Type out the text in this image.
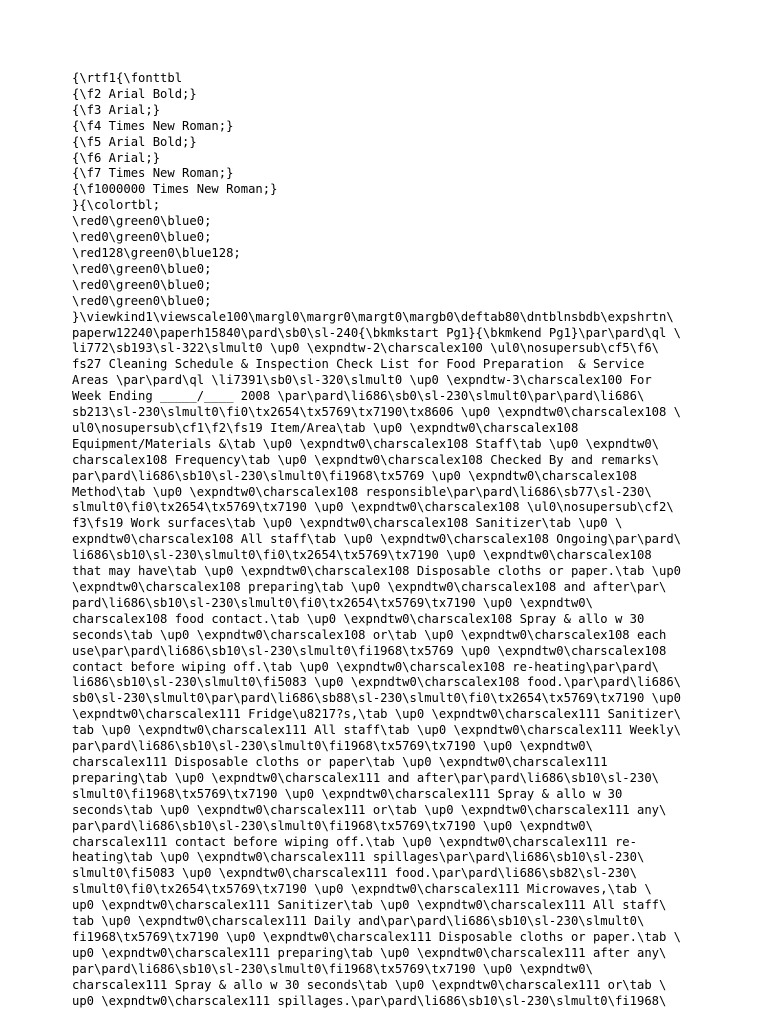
{\rtf1{\fonttbl
{\f2 Arial Bold;}
{\f3 Arial;}
{\f4 Times New Roman;}
{\f5 Arial Bold;}
{\f6 Arial;}
{\f7 Times New Roman;}
{\f1000000 Times New Roman;}
}{\colortbl;
\red0\green0\blue0;
\red0\green0\blue0;
\red128\green0\blue128;
\red0\green0\blue0;
\red0\green0\blue0;
\red0\green0\blue0;
}\viewkind1\viewscale100\margl0\margr0\margt0\margb0\deftab80\dntblnsbdb\expshrtn\
paperw12240\paperh15840\pard\sb0\sl-240{\bkmkstart Pg1}{\bkmkend Pg1}\par\pard\ql \
li772\sb193\sl-322\slmult0 \up0 \expndtw-2\charscalex100 \ul0\nosupersub\cf5\f6\
fs27 Cleaning Schedule & Inspection Check List for Food Preparation  & Service
Areas \par\pard\ql \li7391\sb0\sl-320\slmult0 \up0 \expndtw-3\charscalex100 For
Week Ending _____/____ 2008 \par\pard\li686\sb0\sl-230\slmult0\par\pard\li686\
sb213\sl-230\slmult0\fi0\tx2654\tx5769\tx7190\tx8606 \up0 \expndtw0\charscalex108 \
ul0\nosupersub\cf1\f2\fs19 Item/Area\tab \up0 \expndtw0\charscalex108
Equipment/Materials &\tab \up0 \expndtw0\charscalex108 Staff\tab \up0 \expndtw0\
charscalex108 Frequency\tab \up0 \expndtw0\charscalex108 Checked By and remarks\
par\pard\li686\sb10\sl-230\slmult0\fi1968\tx5769 \up0 \expndtw0\charscalex108
Method\tab \up0 \expndtw0\charscalex108 responsible\par\pard\li686\sb77\sl-230\
slmult0\fi0\tx2654\tx5769\tx7190 \up0 \expndtw0\charscalex108 \ul0\nosupersub\cf2\
f3\fs19 Work surfaces\tab \up0 \expndtw0\charscalex108 Sanitizer\tab \up0 \
expndtw0\charscalex108 All staff\tab \up0 \expndtw0\charscalex108 Ongoing\par\pard\
li686\sb10\sl-230\slmult0\fi0\tx2654\tx5769\tx7190 \up0 \expndtw0\charscalex108
that may have\tab \up0 \expndtw0\charscalex108 Disposable cloths or paper.\tab \up0
\expndtw0\charscalex108 preparing\tab \up0 \expndtw0\charscalex108 and after\par\
pard\li686\sb10\sl-230\slmult0\fi0\tx2654\tx5769\tx7190 \up0 \expndtw0\
charscalex108 food contact.\tab \up0 \expndtw0\charscalex108 Spray & allo w 30
seconds\tab \up0 \expndtw0\charscalex108 or\tab \up0 \expndtw0\charscalex108 each
use\par\pard\li686\sb10\sl-230\slmult0\fi1968\tx5769 \up0 \expndtw0\charscalex108
contact before wiping off.\tab \up0 \expndtw0\charscalex108 re-heating\par\pard\
li686\sb10\sl-230\slmult0\fi5083 \up0 \expndtw0\charscalex108 food.\par\pard\li686\
sb0\sl-230\slmult0\par\pard\li686\sb88\sl-230\slmult0\fi0\tx2654\tx5769\tx7190 \up0
\expndtw0\charscalex111 Fridge\u8217?s,\tab \up0 \expndtw0\charscalex111 Sanitizer\
tab \up0 \expndtw0\charscalex111 All staff\tab \up0 \expndtw0\charscalex111 Weekly\
par\pard\li686\sb10\sl-230\slmult0\fi1968\tx5769\tx7190 \up0 \expndtw0\
charscalex111 Disposable cloths or paper\tab \up0 \expndtw0\charscalex111
preparing\tab \up0 \expndtw0\charscalex111 and after\par\pard\li686\sb10\sl-230\
slmult0\fi1968\tx5769\tx7190 \up0 \expndtw0\charscalex111 Spray & allo w 30
seconds\tab \up0 \expndtw0\charscalex111 or\tab \up0 \expndtw0\charscalex111 any\
par\pard\li686\sb10\sl-230\slmult0\fi1968\tx5769\tx7190 \up0 \expndtw0\
charscalex111 contact before wiping off.\tab \up0 \expndtw0\charscalex111 re-
heating\tab \up0 \expndtw0\charscalex111 spillages\par\pard\li686\sb10\sl-230\
slmult0\fi5083 \up0 \expndtw0\charscalex111 food.\par\pard\li686\sb82\sl-230\
slmult0\fi0\tx2654\tx5769\tx7190 \up0 \expndtw0\charscalex111 Microwaves,\tab \
up0 \expndtw0\charscalex111 Sanitizer\tab \up0 \expndtw0\charscalex111 All staff\
tab \up0 \expndtw0\charscalex111 Daily and\par\pard\li686\sb10\sl-230\slmult0\
fi1968\tx5769\tx7190 \up0 \expndtw0\charscalex111 Disposable cloths or paper.\tab \
up0 \expndtw0\charscalex111 preparing\tab \up0 \expndtw0\charscalex111 after any\
par\pard\li686\sb10\sl-230\slmult0\fi1968\tx5769\tx7190 \up0 \expndtw0\
charscalex111 Spray & allo w 30 seconds\tab \up0 \expndtw0\charscalex111 or\tab \
up0 \expndtw0\charscalex111 spillages.\par\pard\li686\sb10\sl-230\slmult0\fi1968\
